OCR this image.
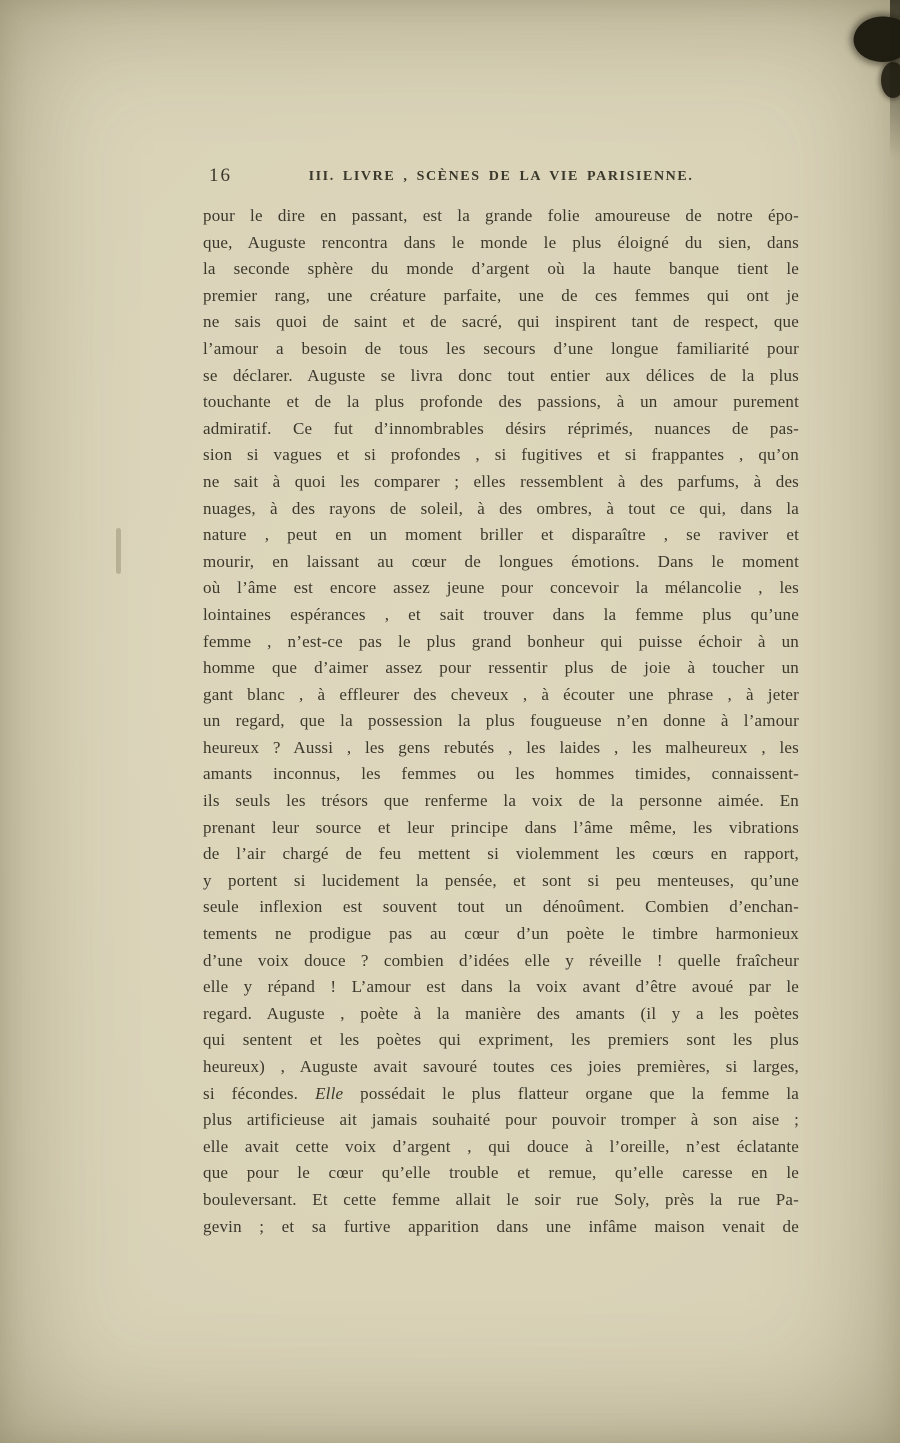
16	III. LIVRE , SCÈNES DE LA VIE PARISIENNE.
pour le dire en passant, est la grande folie amoureuse de notre épo-
que, Auguste rencontra dans le monde le plus éloigné du sien, dans
la seconde sphère du monde d’argent où la haute banque tient le
premier rang, une créature parfaite, une de ces femmes qui ont je
ne sais quoi de saint et de sacré, qui inspirent tant de respect, que
l’amour a besoin de tous les secours d’une longue familiarité pour
se déclarer. Auguste se livra donc tout entier aux délices de la plus
touchante et de la plus profonde des passions, à un amour purement
admiratif. Ce fut d’innombrables désirs réprimés, nuances de pas-
sion si vagues et si profondes , si fugitives et si frappantes , qu’on
ne sait à quoi les comparer ; elles ressemblent à des parfums, à des
nuages, à des rayons de soleil, à des ombres, à tout ce qui, dans la
nature , peut en un moment briller et disparaître , se raviver et
mourir, en laissant au cœur de longues émotions. Dans le moment
où l’âme est encore assez jeune pour concevoir la mélancolie , les
lointaines espérances , et sait trouver dans la femme plus qu’une
femme , n’est-ce pas le plus grand bonheur qui puisse échoir à un
homme que d’aimer assez pour ressentir plus de joie à toucher un
gant blanc , à effleurer des cheveux , à écouter une phrase , à jeter
un regard, que la possession la plus fougueuse n’en donne à l’amour
heureux ? Aussi , les gens rebutés , les laides , les malheureux , les
amants inconnus, les femmes ou les hommes timides, connaissent-
ils seuls les trésors que renferme la voix de la personne aimée. En
prenant leur source et leur principe dans l’âme même, les vibrations
de l’air chargé de feu mettent si violemment les cœurs en rapport,
y portent si lucidement la pensée, et sont si peu menteuses, qu’une
seule inflexion est souvent tout un dénoûment. Combien d’enchan-
tements ne prodigue pas au cœur d’un poète le timbre harmonieux
d’une voix douce ? combien d’idées elle y réveille ! quelle fraîcheur
elle y répand ! L’amour est dans la voix avant d’être avoué par le
regard. Auguste , poète à la manière des amants (il y a les poètes
qui sentent et les poètes qui expriment, les premiers sont les plus
heureux) , Auguste avait savouré toutes ces joies premières, si larges,
si fécondes. Elle possédait le plus flatteur organe que la femme la
plus artificieuse ait jamais souhaité pour pouvoir tromper à son aise ;
elle avait cette voix d’argent , qui douce à l’oreille, n’est éclatante
que pour le cœur qu’elle trouble et remue, qu’elle caresse en le
bouleversant. Et cette femme allait le soir rue Soly, près la rue Pa-
gevin ; et sa furtive apparition dans une infâme maison venait de
